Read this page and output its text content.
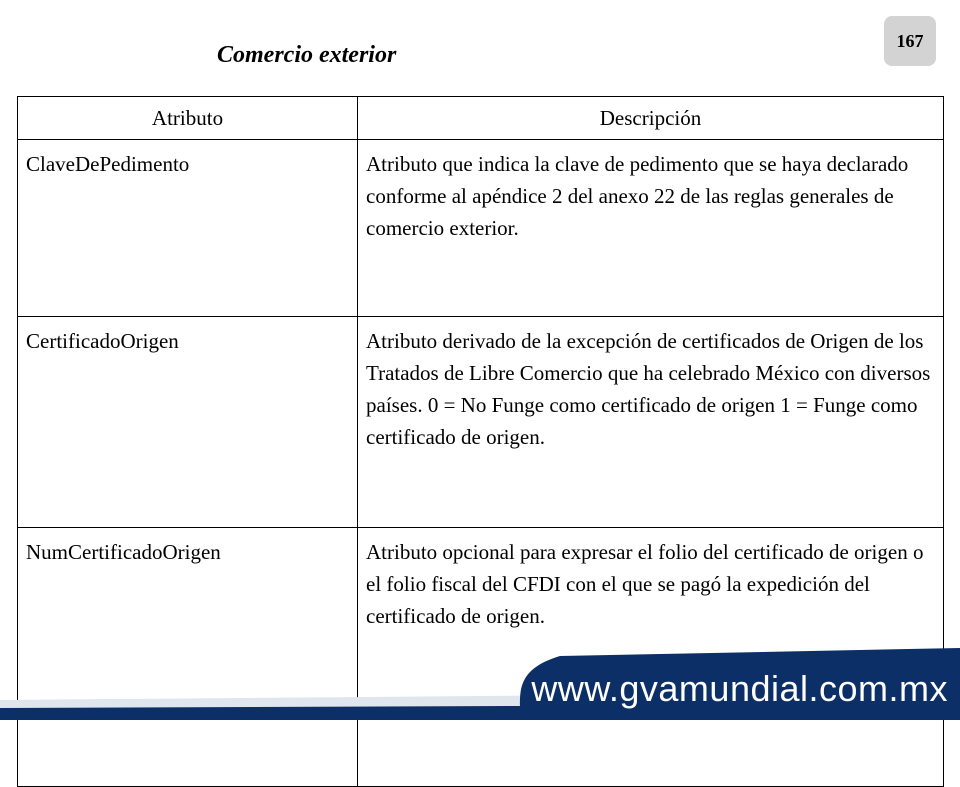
Comercio exterior
167
Atributo	Descripción
ClaveDePedimento	Atributo que indica la clave de pedimento que se haya declarado conforme al apéndice 2 del anexo 22 de las reglas generales de comercio exterior.
CertificadoOrigen	Atributo derivado de la excepción de certificados de Origen de los Tratados de Libre Comercio que ha celebrado México con diversos países. 0 = No Funge como certificado de origen 1 = Funge como certificado de origen.
NumCertificadoOrigen	Atributo opcional para expresar el folio del certificado de origen o el folio fiscal del CFDI con el que se pagó la expedición del certificado de origen.
www.gvamundial.com.mx
